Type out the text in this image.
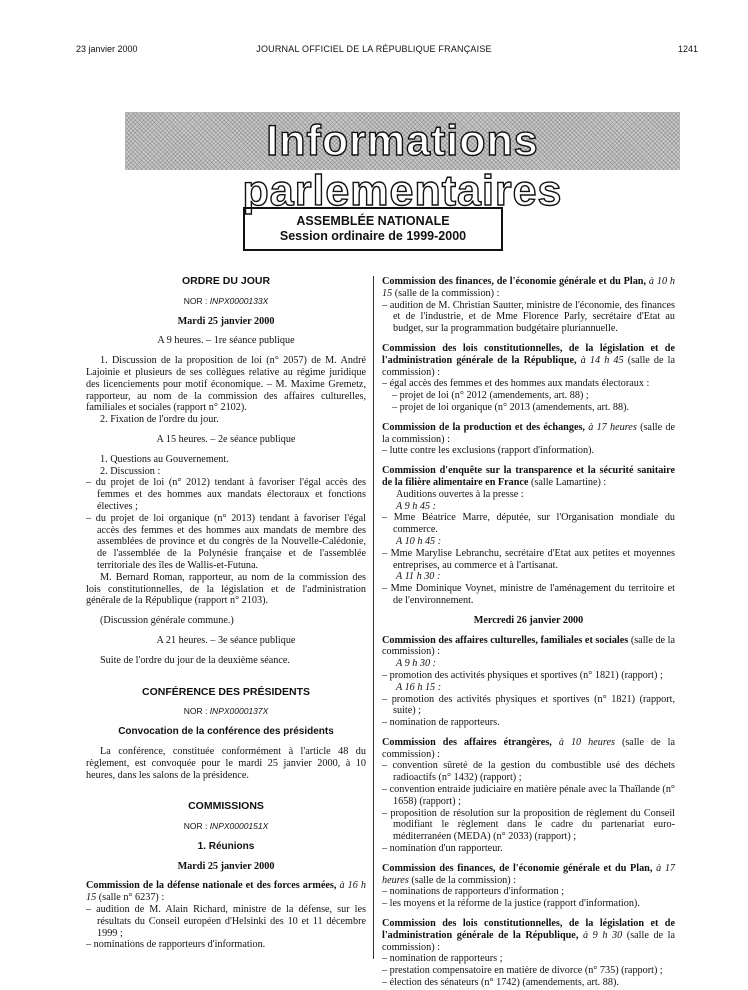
23 janvier 2000	JOURNAL OFFICIEL DE LA RÉPUBLIQUE FRANÇAISE	1241
Informations parlementaires
ASSEMBLÉE NATIONALE
Session ordinaire de 1999-2000
ORDRE DU JOUR
NOR : INPX0000133X
Mardi 25 janvier 2000
A 9 heures. – 1re séance publique

1. Discussion de la proposition de loi (n° 2057) de M. André Lajoinie et plusieurs de ses collègues relative au régime juridique des licenciements pour motif économique. – M. Maxime Gremetz, rapporteur, au nom de la commission des affaires culturelles, familiales et sociales (rapport n° 2102).

2. Fixation de l'ordre du jour.

A 15 heures. – 2e séance publique

1. Questions au Gouvernement.

2. Discussion :

– du projet de loi (n° 2012) tendant à favoriser l'égal accès des femmes et des hommes aux mandats électoraux et fonctions électives ;

– du projet de loi organique (n° 2013) tendant à favoriser l'égal accès des femmes et des hommes aux mandats de membre des assemblées de province et du congrès de la Nouvelle-Calédonie, de l'assemblée de la Polynésie française et de l'assemblée territoriale des îles de Wallis-et-Futuna.

M. Bernard Roman, rapporteur, au nom de la commission des lois constitutionnelles, de la législation et de l'administration générale de la République (rapport n° 2103).

(Discussion générale commune.)

A 21 heures. – 3e séance publique

Suite de l'ordre du jour de la deuxième séance.

CONFÉRENCE DES PRÉSIDENTS
NOR : INPX0000137X
Convocation de la conférence des présidents

La conférence, constituée conformément à l'article 48 du règlement, est convoquée pour le mardi 25 janvier 2000, à 10 heures, dans les salons de la présidence.

COMMISSIONS
NOR : INPX0000151X
1. Réunions
Mardi 25 janvier 2000

Commission de la défense nationale et des forces armées, à 16 h 15 (salle n° 6237) :

– audition de M. Alain Richard, ministre de la défense, sur les résultats du Conseil européen d'Helsinki des 10 et 11 décembre 1999 ;

– nominations de rapporteurs d'information.

Commission des finances, de l'économie générale et du Plan, à 10 h 15 (salle de la commission) :

– audition de M. Christian Sautter, ministre de l'économie, des finances et de l'industrie, et de Mme Florence Parly, secrétaire d'Etat au budget, sur la programmation budgétaire pluriannuelle.

Commission des lois constitutionnelles, de la législation et de l'administration générale de la République, à 14 h 45 (salle de la commission) :

– égal accès des femmes et des hommes aux mandats électoraux :

– projet de loi (n° 2012 (amendements, art. 88) ;

– projet de loi organique (n° 2013 (amendements, art. 88).

Commission de la production et des échanges, à 17 heures (salle de la commission) :

– lutte contre les exclusions (rapport d'information).

Commission d'enquête sur la transparence et la sécurité sanitaire de la filière alimentaire en France (salle Lamartine) :

Auditions ouvertes à la presse :

A 9 h 45 :

– Mme Béatrice Marre, députée, sur l'Organisation mondiale du commerce.

A 10 h 45 :

– Mme Marylise Lebranchu, secrétaire d'Etat aux petites et moyennes entreprises, au commerce et à l'artisanat.

A 11 h 30 :

– Mme Dominique Voynet, ministre de l'aménagement du territoire et de l'environnement.

Mercredi 26 janvier 2000

Commission des affaires culturelles, familiales et sociales (salle de la commission) :

A 9 h 30 :

– promotion des activités physiques et sportives (n° 1821) (rapport) ;

A 16 h 15 :

– promotion des activités physiques et sportives (n° 1821) (rapport, suite) ;

– nomination de rapporteurs.

Commission des affaires étrangères, à 10 heures (salle de la commission) :

– convention sûreté de la gestion du combustible usé des déchets radioactifs (n° 1432) (rapport) ;

– convention entraide judiciaire en matière pénale avec la Thaïlande (n° 1658) (rapport) ;

– proposition de résolution sur la proposition de règlement du Conseil modifiant le règlement dans le cadre du partenariat euro-méditerranéen (MEDA) (n° 2033) (rapport) ;

– nomination d'un rapporteur.

Commission des finances, de l'économie générale et du Plan, à 17 heures (salle de la commission) :

– nominations de rapporteurs d'information ;

– les moyens et la réforme de la justice (rapport d'information).

Commission des lois constitutionnelles, de la législation et de l'administration générale de la République, à 9 h 30 (salle de la commission) :

– nomination de rapporteurs ;

– prestation compensatoire en matière de divorce (n° 735) (rapport) ;

– élection des sénateurs (n° 1742) (amendements, art. 88).
